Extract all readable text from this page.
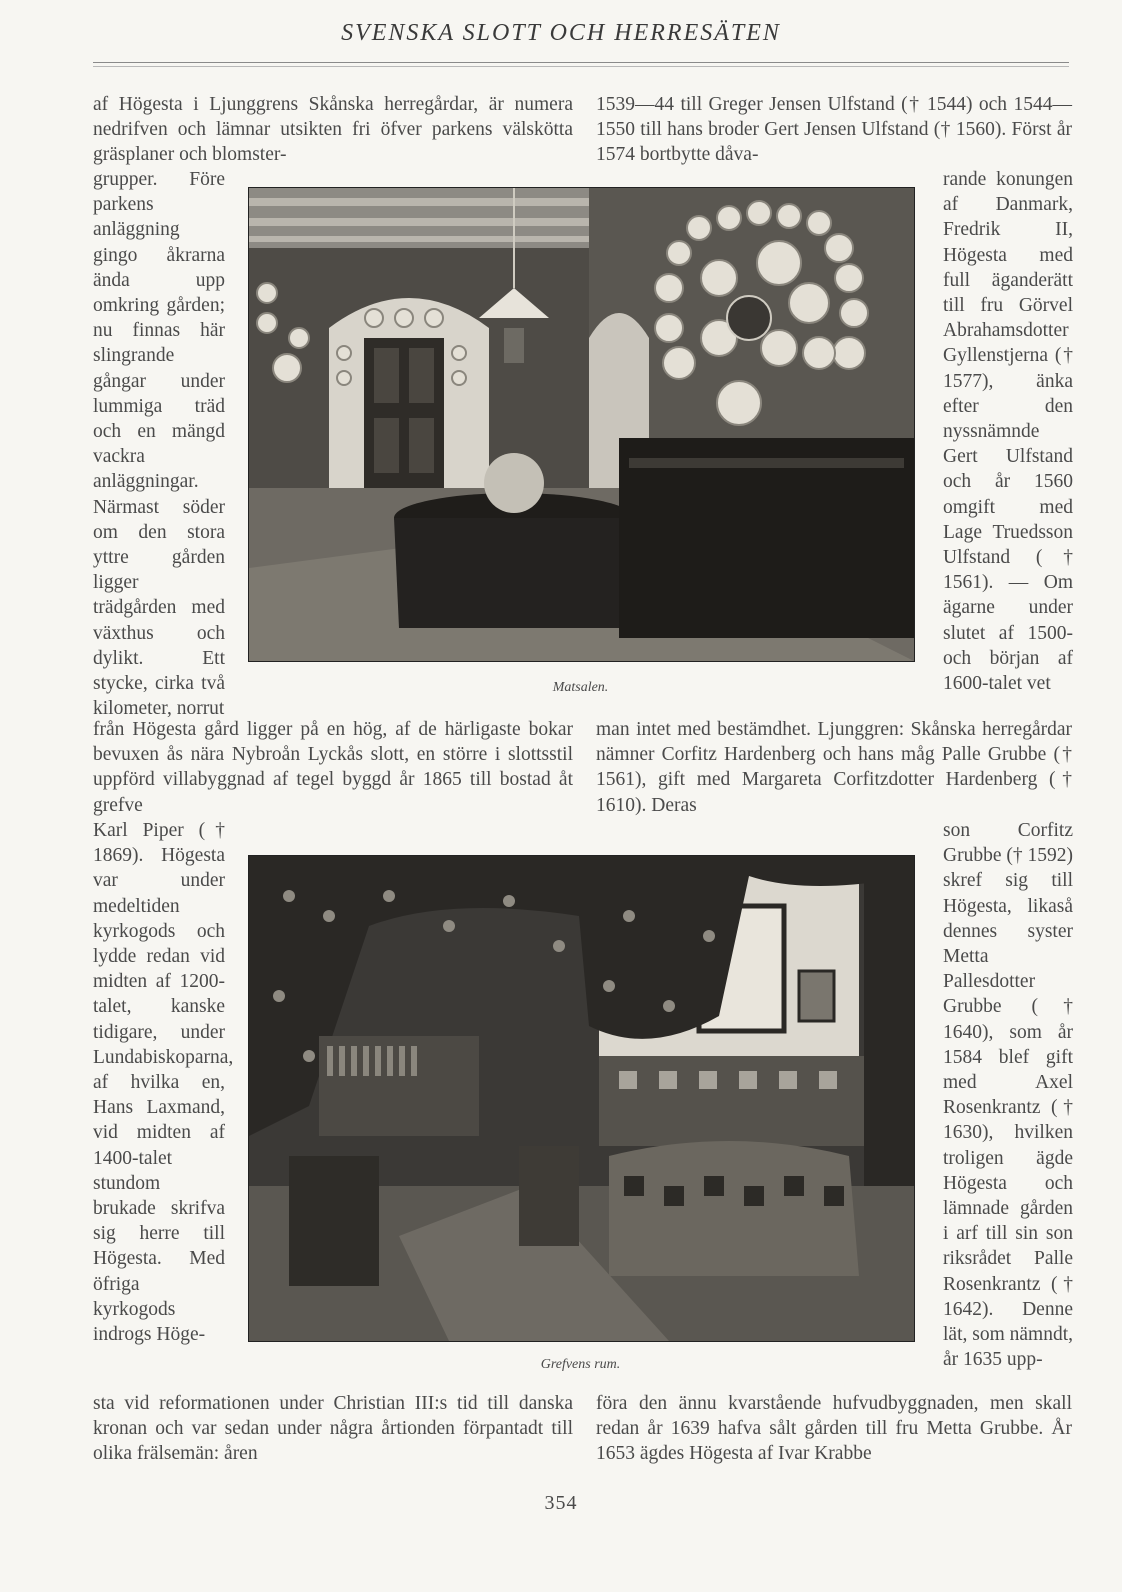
SVENSKA SLOTT OCH HERRESÄTEN

af Högesta i Ljunggrens Skånska herregårdar, är numera nedrifven och lämnar utsikten fri öfver parkens välskötta gräsplaner och blomster-

1539—44 till Greger Jensen Ulfstand († 1544) och 1544—1550 till hans broder Gert Jensen Ulfstand († 1560). Först år 1574 bortbytte dåva-

grupper. Före parkens anläggning gingo åkrarna ända upp omkring gården; nu finnas här slingrande gångar under lummiga träd och en mängd vackra anläggningar. Närmast söder om den stora yttre gården ligger trädgården med växthus och dylikt. Ett stycke, cirka två kilometer, norrut

rande konungen af Danmark, Fredrik II, Högesta med full äganderätt till fru Görvel Abrahamsdotter Gyllenstjerna († 1577), änka efter den nyssnämnde Gert Ulfstand och år 1560 omgift med Lage Truedsson Ulfstand († 1561). — Om ägarne under slutet af 1500- och början af 1600-talet vet

Matsalen.

från Högesta gård ligger på en hög, af de härligaste bokar bevuxen ås nära Nybroån Lyckås slott, en större i slottsstil uppförd villabyggnad af tegel byggd år 1865 till bostad åt grefve

man intet med bestämdhet. Ljunggren: Skånska herregårdar nämner Corfitz Hardenberg och hans måg Palle Grubbe († 1561), gift med Margareta Corfitzdotter Hardenberg († 1610). Deras

Karl Piper († 1869). Högesta var under medeltiden kyrkogods och lydde redan vid midten af 1200-talet, kanske tidigare, under Lundabiskoparna, af hvilka en, Hans Laxmand, vid midten af 1400-talet stundom brukade skrifva sig herre till Högesta. Med öfriga kyrkogods indrogs Höge-

son Corfitz Grubbe († 1592) skref sig till Högesta, likaså dennes syster Metta Pallesdotter Grubbe († 1640), som år 1584 blef gift med Axel Rosenkrantz († 1630), hvilken troligen ägde Högesta och lämnade gården i arf till sin son riksrådet Palle Rosenkrantz († 1642). Denne lät, som nämndt, år 1635 upp-

Grefvens rum.

sta vid reformationen under Christian III:s tid till danska kronan och var sedan under några årtionden förpantadt till olika frälsemän: åren

föra den ännu kvarstående hufvudbyggnaden, men skall redan år 1639 hafva sålt gården till fru Metta Grubbe. År 1653 ägdes Högesta af Ivar Krabbe

354
